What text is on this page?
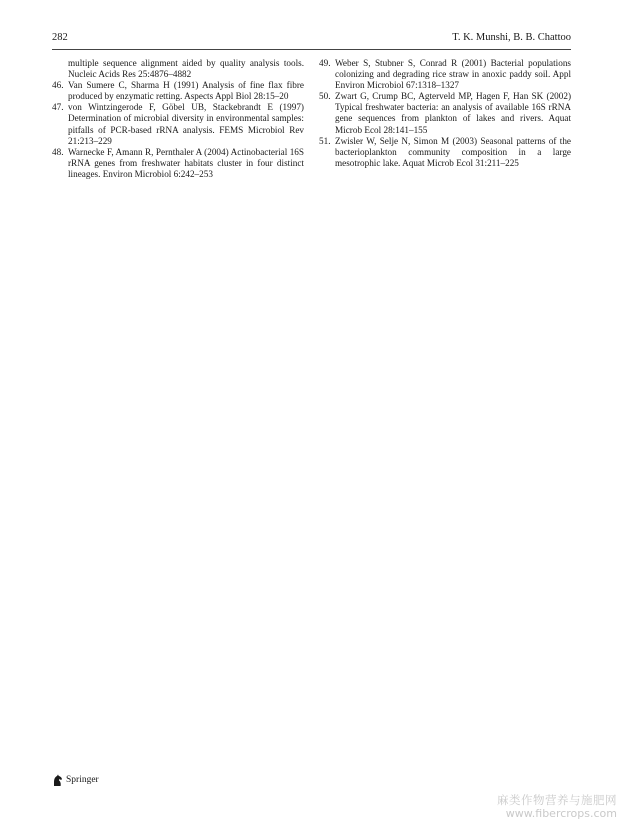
282	T. K. Munshi, B. B. Chattoo

multiple sequence alignment aided by quality analysis tools. Nucleic Acids Res 25:4876–4882

46. Van Sumere C, Sharma H (1991) Analysis of fine flax fibre produced by enzymatic retting. Aspects Appl Biol 28:15–20

47. von Wintzingerode F, Göbel UB, Stackebrandt E (1997) Determination of microbial diversity in environmental samples: pitfalls of PCR-based rRNA analysis. FEMS Microbiol Rev 21:213–229

48. Warnecke F, Amann R, Pernthaler A (2004) Actinobacterial 16S rRNA genes from freshwater habitats cluster in four distinct lineages. Environ Microbiol 6:242–253

49. Weber S, Stubner S, Conrad R (2001) Bacterial populations colonizing and degrading rice straw in anoxic paddy soil. Appl Environ Microbiol 67:1318–1327

50. Zwart G, Crump BC, Agterveld MP, Hagen F, Han SK (2002) Typical freshwater bacteria: an analysis of available 16S rRNA gene sequences from plankton of lakes and rivers. Aquat Microb Ecol 28:141–155

51. Zwisler W, Selje N, Simon M (2003) Seasonal patterns of the bacterioplankton community composition in a large mesotrophic lake. Aquat Microb Ecol 31:211–225

Springer
麻类作物营养与施肥网
www.fibercrops.com
